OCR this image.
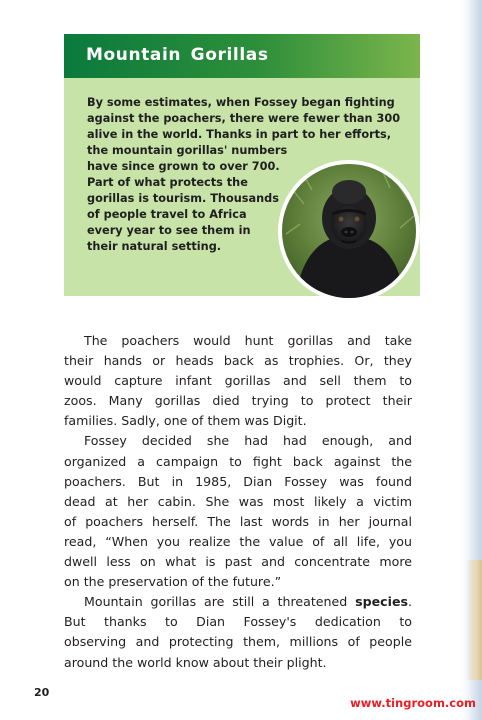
Mountain Gorillas
By some estimates, when Fossey began fighting
against the poachers, there were fewer than 300
alive in the world. Thanks in part to her efforts,
the mountain gorillas' numbers
have since grown to over 700.
Part of what protects the
gorillas is tourism. Thousands
of people travel to Africa
every year to see them in
their natural setting.
The poachers would hunt gorillas and take
their hands or heads back as trophies. Or, they
would capture infant gorillas and sell them to
zoos. Many gorillas died trying to protect their
families. Sadly, one of them was Digit.
Fossey decided she had had enough, and
organized a campaign to fight back against the
poachers. But in 1985, Dian Fossey was found
dead at her cabin. She was most likely a victim
of poachers herself. The last words in her journal
read, “When you realize the value of all life, you
dwell less on what is past and concentrate more
on the preservation of the future.”
Mountain gorillas are still a threatened species.
But thanks to Dian Fossey's dedication to
observing and protecting them, millions of people
around the world know about their plight.
20
www.tingroom.com
